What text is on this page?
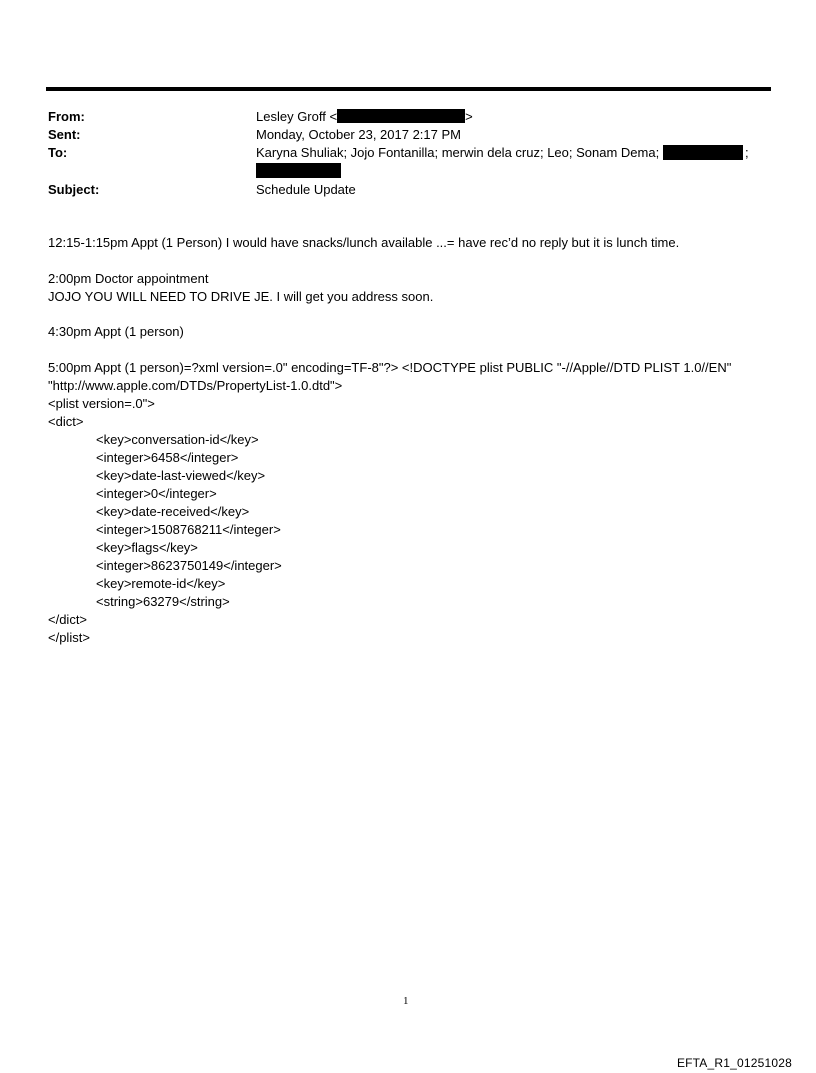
From:	Lesley Groff <	>
Sent:	Monday, October 23, 2017 2:17 PM
To:	Karyna Shuliak; Jojo Fontanilla; merwin dela cruz; Leo; Sonam Dema;	;
Subject:	Schedule Update
12:15-1:15pm Appt (1 Person) I would have snacks/lunch available ...= have rec’d no reply but it is lunch time.
2:00pm Doctor appointment
JOJO YOU WILL NEED TO DRIVE JE. I will get you address soon.
4:30pm Appt (1 person)
5:00pm Appt (1 person)=?xml version=.0" encoding=TF-8"?> <!DOCTYPE plist PUBLIC "-//Apple//DTD PLIST 1.0//EN"
"http://www.apple.com/DTDs/PropertyList-1.0.dtd">
<plist version=.0">
<dict>
<key>conversation-id</key>
<integer>6458</integer>
<key>date-last-viewed</key>
<integer>0</integer>
<key>date-received</key>
<integer>1508768211</integer>
<key>flags</key>
<integer>8623750149</integer>
<key>remote-id</key>
<string>63279</string>
</dict>
</plist>
1
EFTA_R1_01251028
